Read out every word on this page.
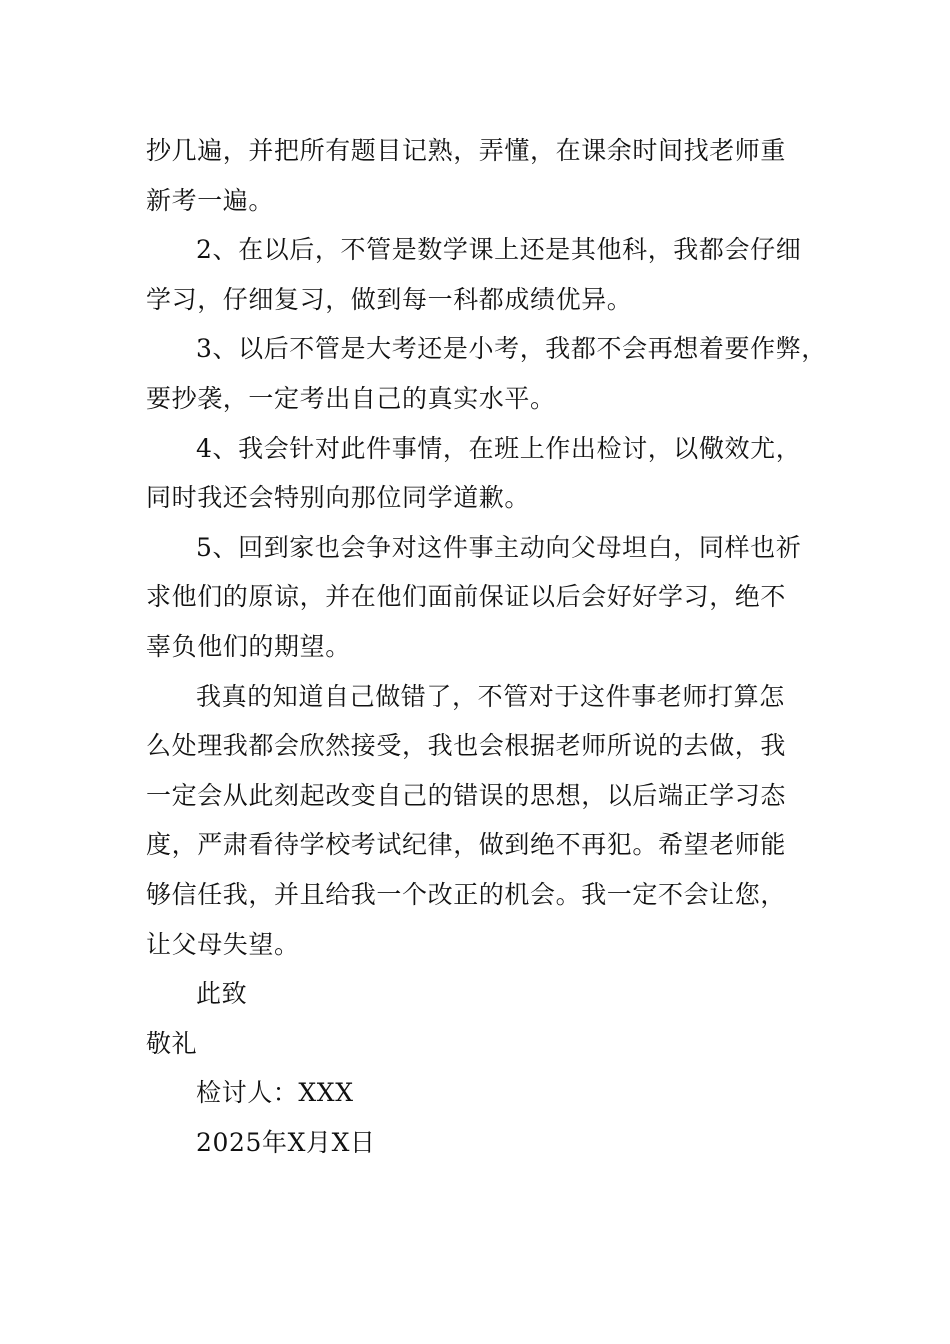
抄几遍，并把所有题目记熟，弄懂，在课余时间找老师重
新考一遍。
2、在以后，不管是数学课上还是其他科，我都会仔细
学习，仔细复习，做到每一科都成绩优异。
3、以后不管是大考还是小考，我都不会再想着要作弊，
要抄袭，一定考出自己的真实水平。
4、我会针对此件事情，在班上作出检讨，以儆效尤，
同时我还会特别向那位同学道歉。
5、回到家也会争对这件事主动向父母坦白，同样也祈
求他们的原谅，并在他们面前保证以后会好好学习，绝不
辜负他们的期望。
我真的知道自己做错了，不管对于这件事老师打算怎
么处理我都会欣然接受，我也会根据老师所说的去做，我
一定会从此刻起改变自己的错误的思想，以后端正学习态
度，严肃看待学校考试纪律，做到绝不再犯。希望老师能
够信任我，并且给我一个改正的机会。我一定不会让您，
让父母失望。
此致
敬礼
检讨人：XXX
2025年X月X日
